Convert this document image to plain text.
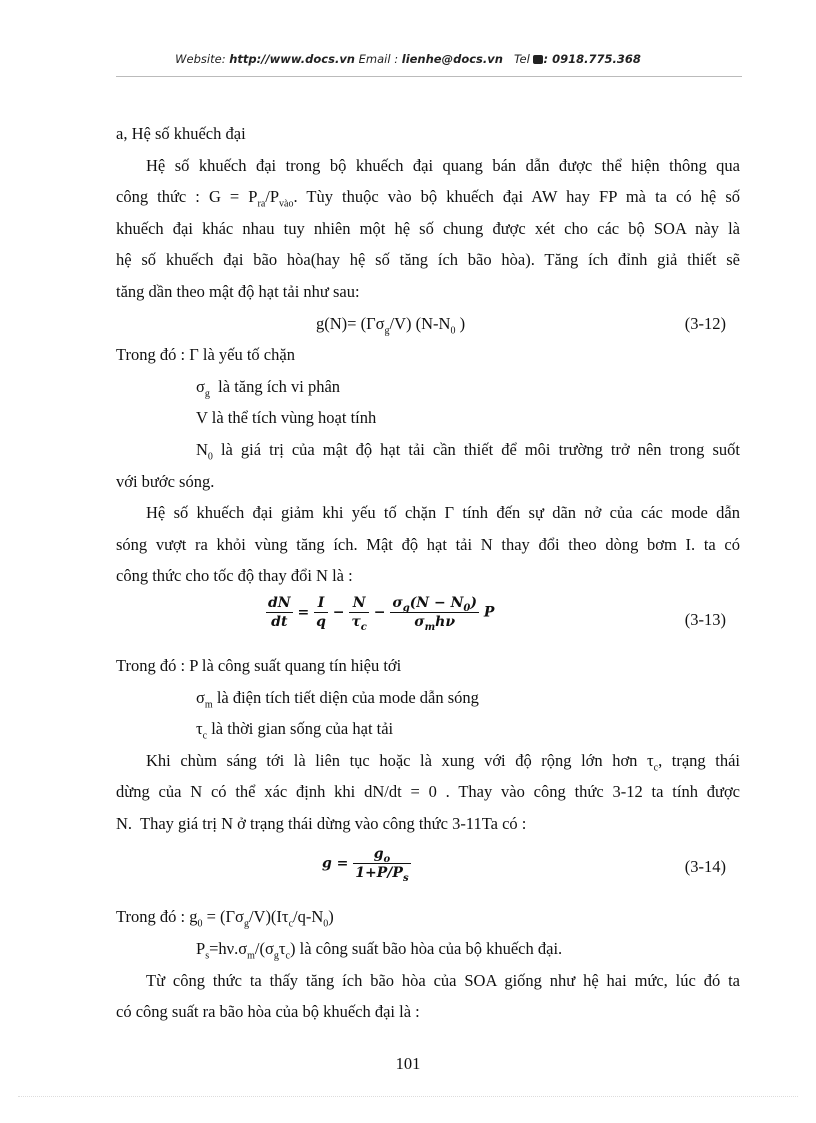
Website: http://www.docs.vn Email : lienhe@docs.vn Tel : 0918.775.368
a, Hệ số khuếch đại
Hệ số khuếch đại trong bộ khuếch đại quang bán dẫn được thể hiện thông qua
công thức : $G = P_{ra}/P_{vào}$. Tùy thuộc vào bộ khuếch đại AW hay FP mà ta có hệ số
khuếch đại khác nhau tuy nhiên một hệ số chung được xét cho các bộ SOA này là
hệ số khuếch đại bão hòa(hay hệ số tăng ích bão hòa). Tăng ích đỉnh giả thiết sẽ
tăng dần theo mật độ hạt tải như sau:
$g(N)= (\Gamma\sigma_g/V)$ ($N-N_0$ )	(3-12)
Trong đó : Γ là yếu tố chặn
$\sigma_g$  là tăng ích vi phân
V là thể tích vùng hoạt tính
$N_0$ là giá trị của mật độ hạt tải cần thiết để môi trường trở nên trong suốt
với bước sóng.
Hệ số khuếch đại giảm khi yếu tố chặn Γ tính đến sự dãn nở của các mode dẫn
sóng vượt ra khỏi vùng tăng ích. Mật độ hạt tải N thay đổi theo dòng bơm I. ta có
công thức cho tốc độ thay đổi N là :
$\frac{dN}{dt} = \frac{I}{q} - \frac{N}{\tau_c} - \frac{\sigma_g(N - N_0)}{\sigma_mh\nu}$ P	(3-13)
Trong đó : P là công suất quang tín hiệu tới
$\sigma_m$ là điện tích tiết diện của mode dẫn sóng
$\tau_c$ là thời gian sống của hạt tải
Khi chùm sáng tới là liên tục hoặc là xung với độ rộng lớn hơn $\tau_c$, trạng thái
dừng của N có thể xác định khi dN/dt = 0 . Thay vào công thức 3-12 ta tính được
N.  Thay giá trị N ở trạng thái dừng vào công thức 3-11Ta có :
$g = \frac{g_o}{1+P/P_s}$	(3-14)
Trong đó : $g_0 = (\Gamma\sigma_g/V)(I\tau_c/q-N_0)$
$P_s=h\nu.\sigma_m/(\sigma_g\tau_c)$ là công suất bão hòa của bộ khuếch đại.
Từ công thức ta thấy tăng ích bão hòa của SOA giống như hệ hai mức, lúc đó ta
có công suất ra bão hòa của bộ khuếch đại là :
101
